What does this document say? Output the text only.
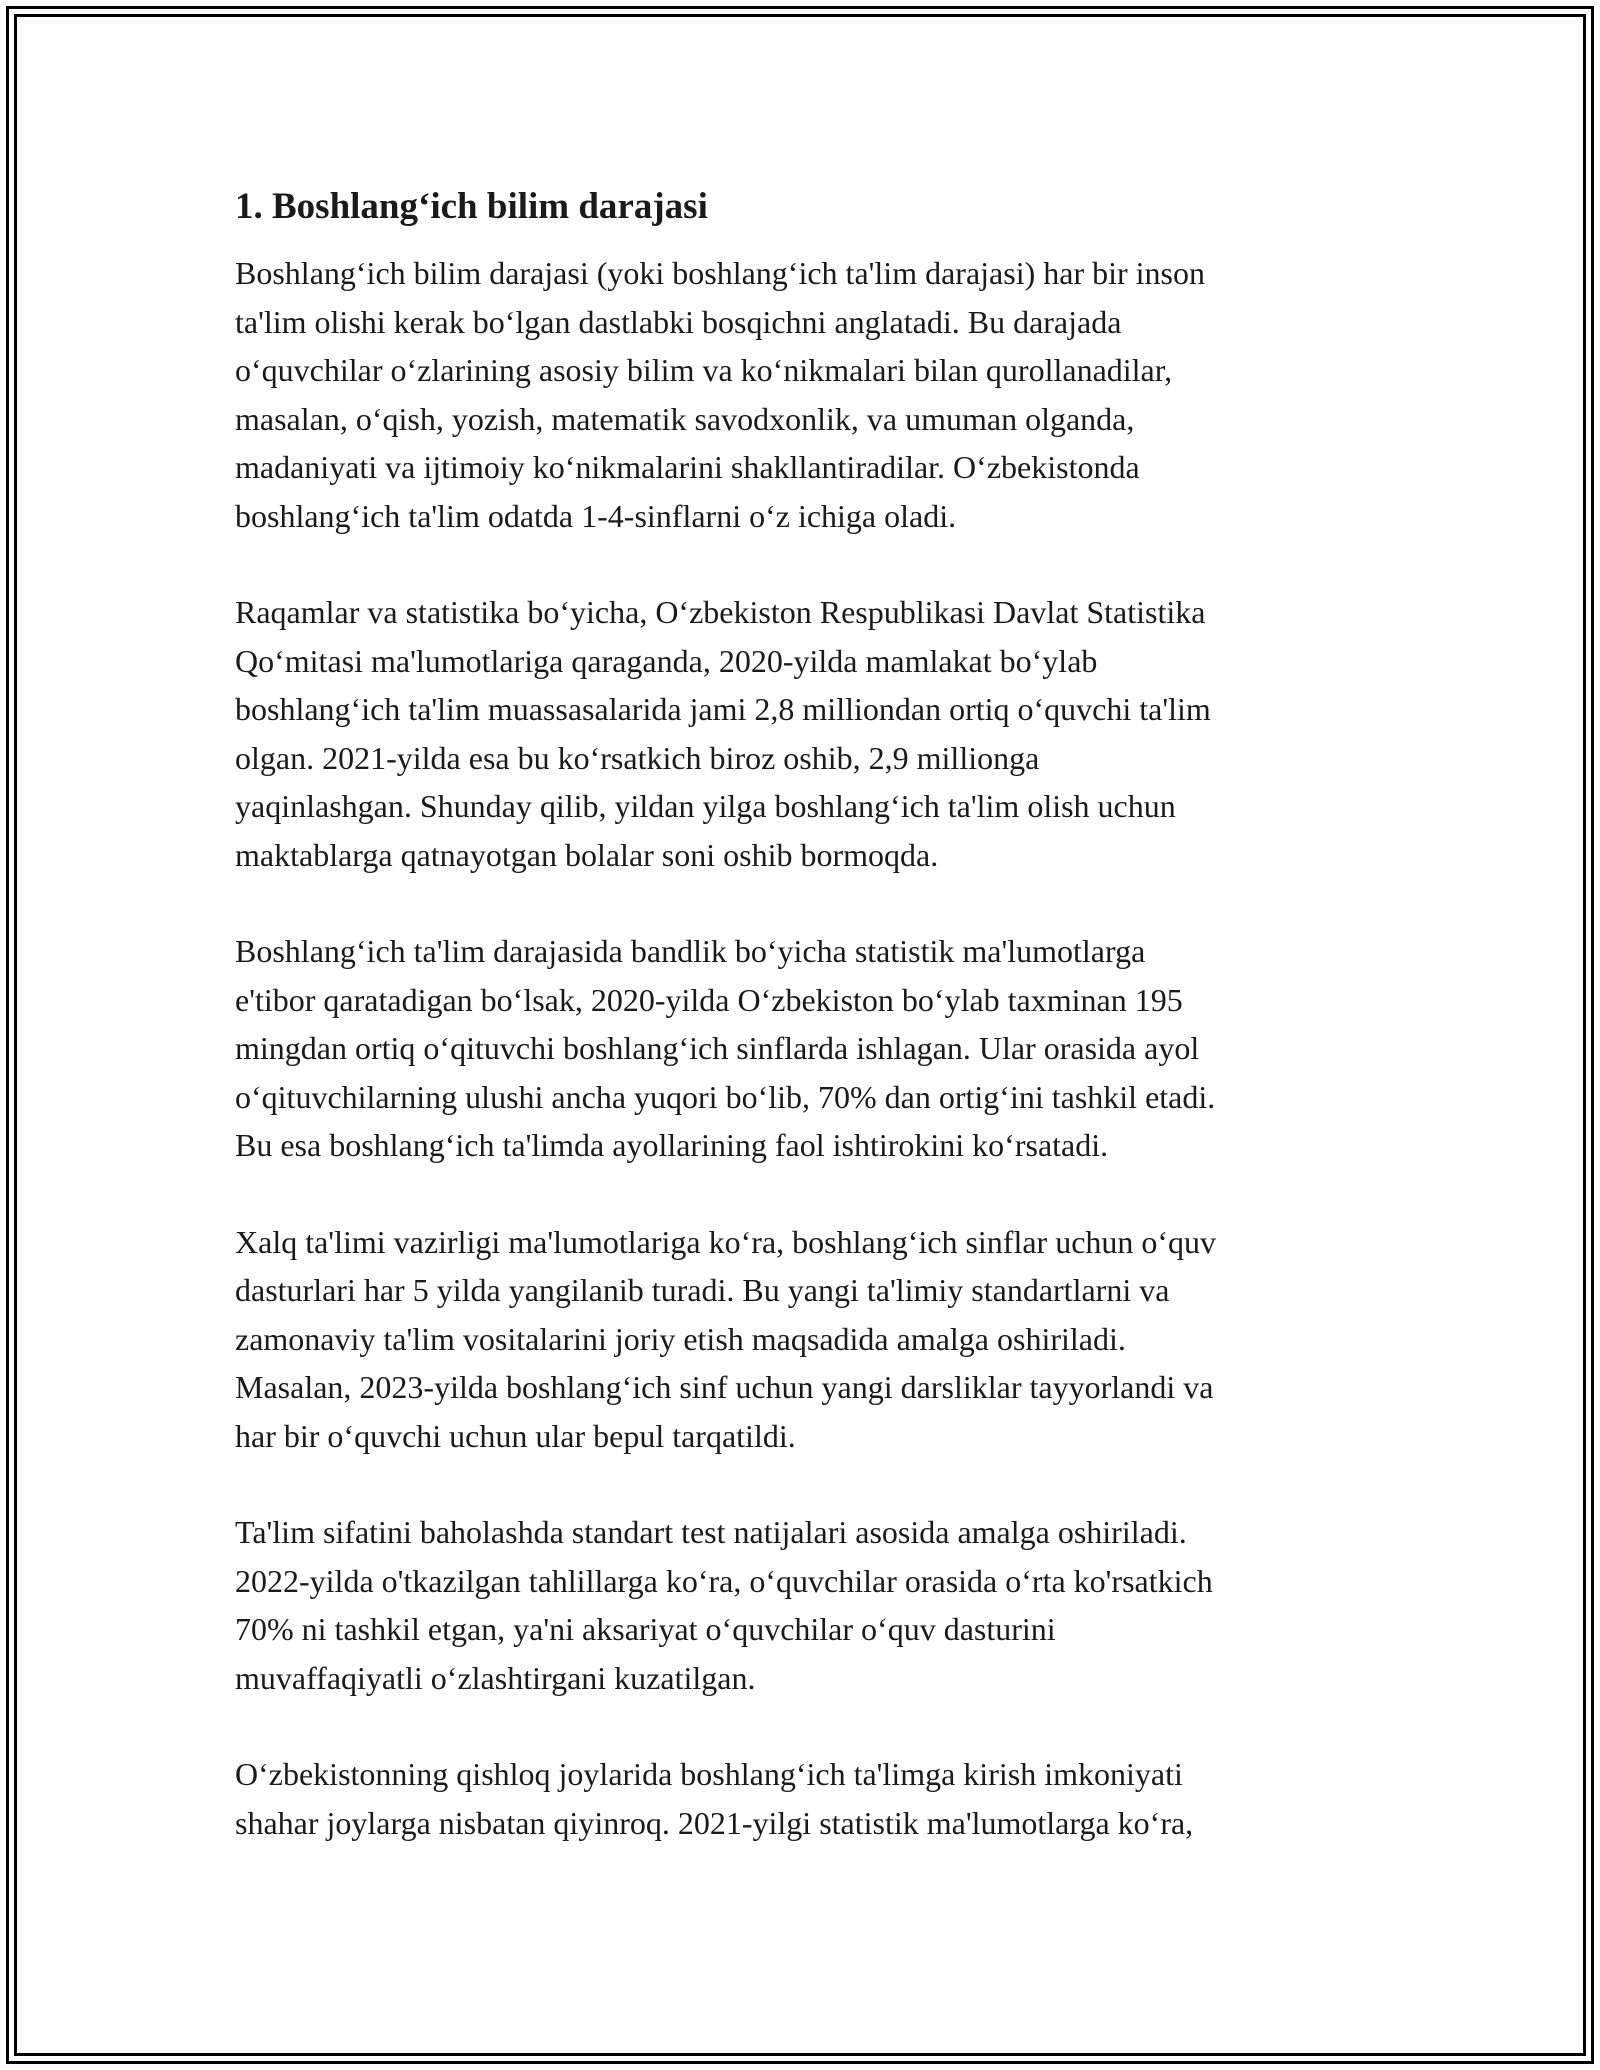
1. Boshlang‘ich bilim darajasi

Boshlang‘ich bilim darajasi (yoki boshlang‘ich ta'lim darajasi) har bir inson
ta'lim olishi kerak bo‘lgan dastlabki bosqichni anglatadi. Bu darajada
o‘quvchilar o‘zlarining asosiy bilim va ko‘nikmalari bilan qurollanadilar,
masalan, o‘qish, yozish, matematik savodxonlik, va umuman olganda,
madaniyati va ijtimoiy ko‘nikmalarini shakllantiradilar. O‘zbekistonda
boshlang‘ich ta'lim odatda 1-4-sinflarni o‘z ichiga oladi.

Raqamlar va statistika bo‘yicha, O‘zbekiston Respublikasi Davlat Statistika
Qo‘mitasi ma'lumotlariga qaraganda, 2020-yilda mamlakat bo‘ylab
boshlang‘ich ta'lim muassasalarida jami 2,8 milliondan ortiq o‘quvchi ta'lim
olgan. 2021-yilda esa bu ko‘rsatkich biroz oshib, 2,9 millionga
yaqinlashgan. Shunday qilib, yildan yilga boshlang‘ich ta'lim olish uchun
maktablarga qatnayotgan bolalar soni oshib bormoqda.

Boshlang‘ich ta'lim darajasida bandlik bo‘yicha statistik ma'lumotlarga
e'tibor qaratadigan bo‘lsak, 2020-yilda O‘zbekiston bo‘ylab taxminan 195
mingdan ortiq o‘qituvchi boshlang‘ich sinflarda ishlagan. Ular orasida ayol
o‘qituvchilarning ulushi ancha yuqori bo‘lib, 70% dan ortig‘ini tashkil etadi.
Bu esa boshlang‘ich ta'limda ayollarining faol ishtirokini ko‘rsatadi.

Xalq ta'limi vazirligi ma'lumotlariga ko‘ra, boshlang‘ich sinflar uchun o‘quv
dasturlari har 5 yilda yangilanib turadi. Bu yangi ta'limiy standartlarni va
zamonaviy ta'lim vositalarini joriy etish maqsadida amalga oshiriladi.
Masalan, 2023-yilda boshlang‘ich sinf uchun yangi darsliklar tayyorlandi va
har bir o‘quvchi uchun ular bepul tarqatildi.

Ta'lim sifatini baholashda standart test natijalari asosida amalga oshiriladi.
2022-yilda o'tkazilgan tahlillarga ko‘ra, o‘quvchilar orasida o‘rta ko'rsatkich
70% ni tashkil etgan, ya'ni aksariyat o‘quvchilar o‘quv dasturini
muvaffaqiyatli o‘zlashtirgani kuzatilgan.

O‘zbekistonning qishloq joylarida boshlang‘ich ta'limga kirish imkoniyati
shahar joylarga nisbatan qiyinroq. 2021-yilgi statistik ma'lumotlarga ko‘ra,
